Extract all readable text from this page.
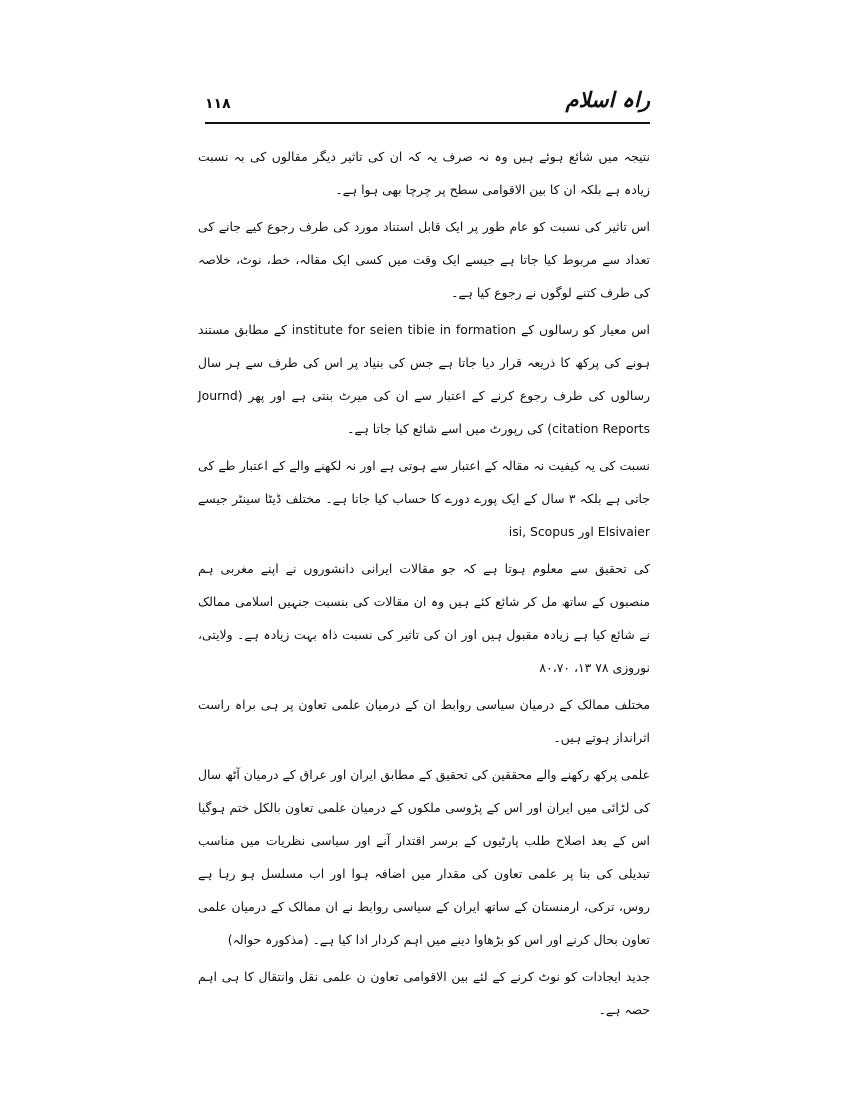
۱۱۸	راہ اسلام

نتیجہ میں شائع ہوئے ہیں وہ نہ صرف یہ کہ ان کی تاثیر دیگر مقالوں کی بہ نسبت زیادہ ہے بلکہ ان کا بین الاقوامی سطح پر چرچا بھی ہوا ہے۔

اس تاثیر کی نسبت کو عام طور پر ایک قابل استناد مورد کی طرف رجوع کیے جانے کی تعداد سے مربوط کیا جاتا ہے جیسے ایک وقت میں کسی ایک مقالہ، خط، نوٹ، خلاصہ کی طرف کتنے لوگوں نے رجوع کیا ہے۔

اس معیار کو رسالوں کے institute for seien tibie in formation کے مطابق مستند ہونے کی پرکھ کا ذریعہ قرار دیا جاتا ہے جس کی بنیاد پر اس کی طرف سے ہر سال رسالوں کی طرف رجوع کرنے کے اعتبار سے ان کی میرٹ بنتی ہے اور پھر (Journd citation Reports) کی رپورٹ میں اسے شائع کیا جاتا ہے۔

نسبت کی یہ کیفیت نہ مقالہ کے اعتبار سے ہوتی ہے اور نہ لکھنے والے کے اعتبار طے کی جاتی ہے بلکہ ۳ سال کے ایک پورے دورے کا حساب کیا جاتا ہے۔ مختلف ڈیٹا سینٹر جیسے Elsivaier اور isi, Scopus

کی تحقیق سے معلوم ہوتا ہے کہ جو مقالات ایرانی دانشوروں نے اپنے مغربی ہم منصبوں کے ساتھ مل کر شائع کئے ہیں وہ ان مقالات کی بنسبت جنہیں اسلامی ممالک نے شائع کیا ہے زیادہ مقبول ہیں اور ان کی تاثیر کی نسبت ذاہ بہت زیادہ ہے۔ ولایتی، نوروزی ۷۸ ۱۳، ۸۰،۷۰

مختلف ممالک کے درمیان سیاسی روابط ان کے درمیان علمی تعاون پر ہی براہ راست اثرانداز ہوتے ہیں۔

علمی پرکھ رکھنے والے محققین کی تحقیق کے مطابق ایران اور عراق کے درمیان آٹھ سال کی لڑائی میں ایران اور اس کے پڑوسی ملکوں کے درمیان علمی تعاون بالکل ختم ہوگیا اس کے بعد اصلاح طلب پارٹیوں کے برسر اقتدار آنے اور سیاسی نظریات میں مناسب تبدیلی کی بنا پر علمی تعاون کی مقدار میں اضافہ ہوا اور اب مسلسل ہو رہا ہے روس، ترکی، ارمنستان کے ساتھ ایران کے سیاسی روابط نے ان ممالک کے درمیان علمی تعاون بحال کرنے اور اس کو بڑھاوا دینے میں اہم کردار ادا کیا ہے۔ (مذکورہ حوالہ)

جدید ایجادات کو نوٹ کرنے کے لئے بین الاقوامی تعاون ن علمی نقل وانتقال کا ہی اہم حصہ ہے۔
